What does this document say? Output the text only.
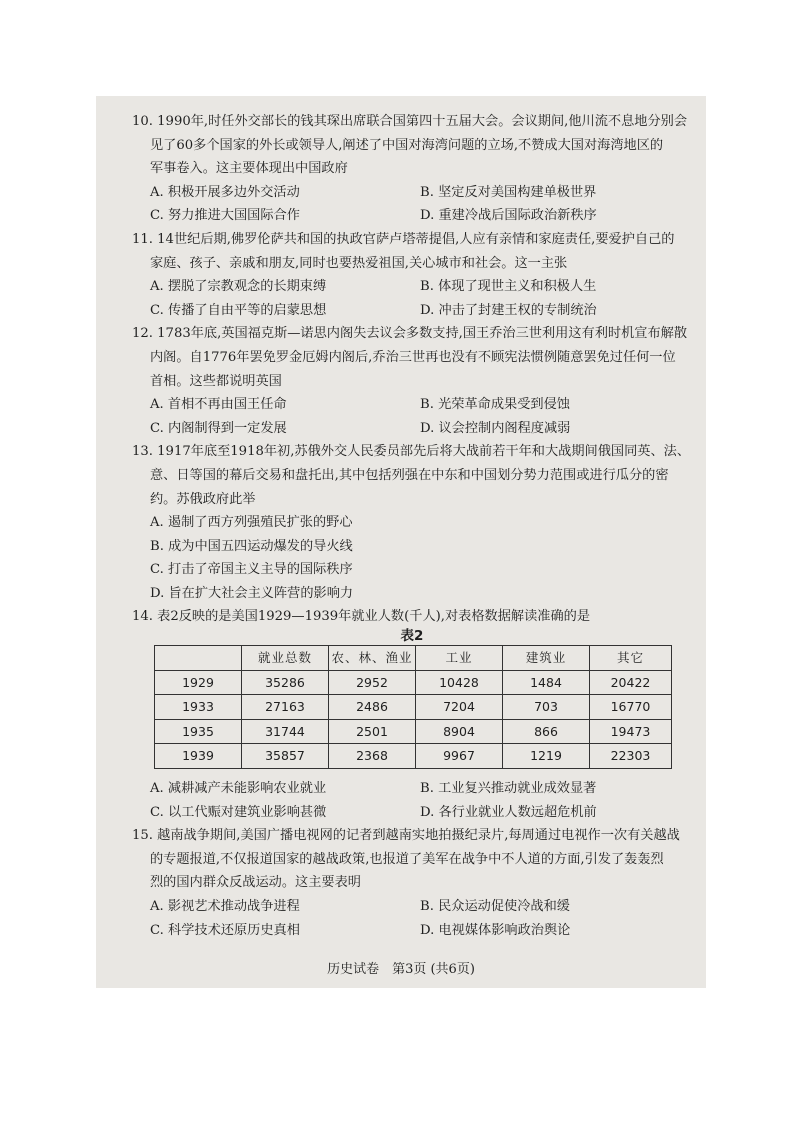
10. 1990年,时任外交部长的钱其琛出席联合国第四十五届大会。会议期间,他川流不息地分别会
见了60多个国家的外长或领导人,阐述了中国对海湾问题的立场,不赞成大国对海湾地区的
军事卷入。这主要体现出中国政府
A. 积极开展多边外交活动	B. 坚定反对美国构建单极世界
C. 努力推进大国国际合作	D. 重建冷战后国际政治新秩序
11. 14世纪后期,佛罗伦萨共和国的执政官萨卢塔蒂提倡,人应有亲情和家庭责任,要爱护自己的
家庭、孩子、亲戚和朋友,同时也要热爱祖国,关心城市和社会。这一主张
A. 摆脱了宗教观念的长期束缚	B. 体现了现世主义和积极人生
C. 传播了自由平等的启蒙思想	D. 冲击了封建王权的专制统治
12. 1783年底,英国福克斯—诺思内阁失去议会多数支持,国王乔治三世利用这有利时机宣布解散
内阁。自1776年罢免罗金厄姆内阁后,乔治三世再也没有不顾宪法惯例随意罢免过任何一位
首相。这些都说明英国
A. 首相不再由国王任命	B. 光荣革命成果受到侵蚀
C. 内阁制得到一定发展	D. 议会控制内阁程度减弱
13. 1917年底至1918年初,苏俄外交人民委员部先后将大战前若干年和大战期间俄国同英、法、
意、日等国的幕后交易和盘托出,其中包括列强在中东和中国划分势力范围或进行瓜分的密
约。苏俄政府此举
A. 遏制了西方列强殖民扩张的野心
B. 成为中国五四运动爆发的导火线
C. 打击了帝国主义主导的国际秩序
D. 旨在扩大社会主义阵营的影响力
14. 表2反映的是美国1929—1939年就业人数(千人),对表格数据解读准确的是
表2
	就业总数	农、林、渔业	工业	建筑业	其它
1929	35286	2952	10428	1484	20422
1933	27163	2486	7204	703	16770
1935	31744	2501	8904	866	19473
1939	35857	2368	9967	1219	22303
A. 减耕减产未能影响农业就业	B. 工业复兴推动就业成效显著
C. 以工代赈对建筑业影响甚微	D. 各行业就业人数远超危机前
15. 越南战争期间,美国广播电视网的记者到越南实地拍摄纪录片,每周通过电视作一次有关越战
的专题报道,不仅报道国家的越战政策,也报道了美军在战争中不人道的方面,引发了轰轰烈
烈的国内群众反战运动。这主要表明
A. 影视艺术推动战争进程	B. 民众运动促使冷战和缓
C. 科学技术还原历史真相	D. 电视媒体影响政治舆论
历史试卷　第3页 (共6页)
